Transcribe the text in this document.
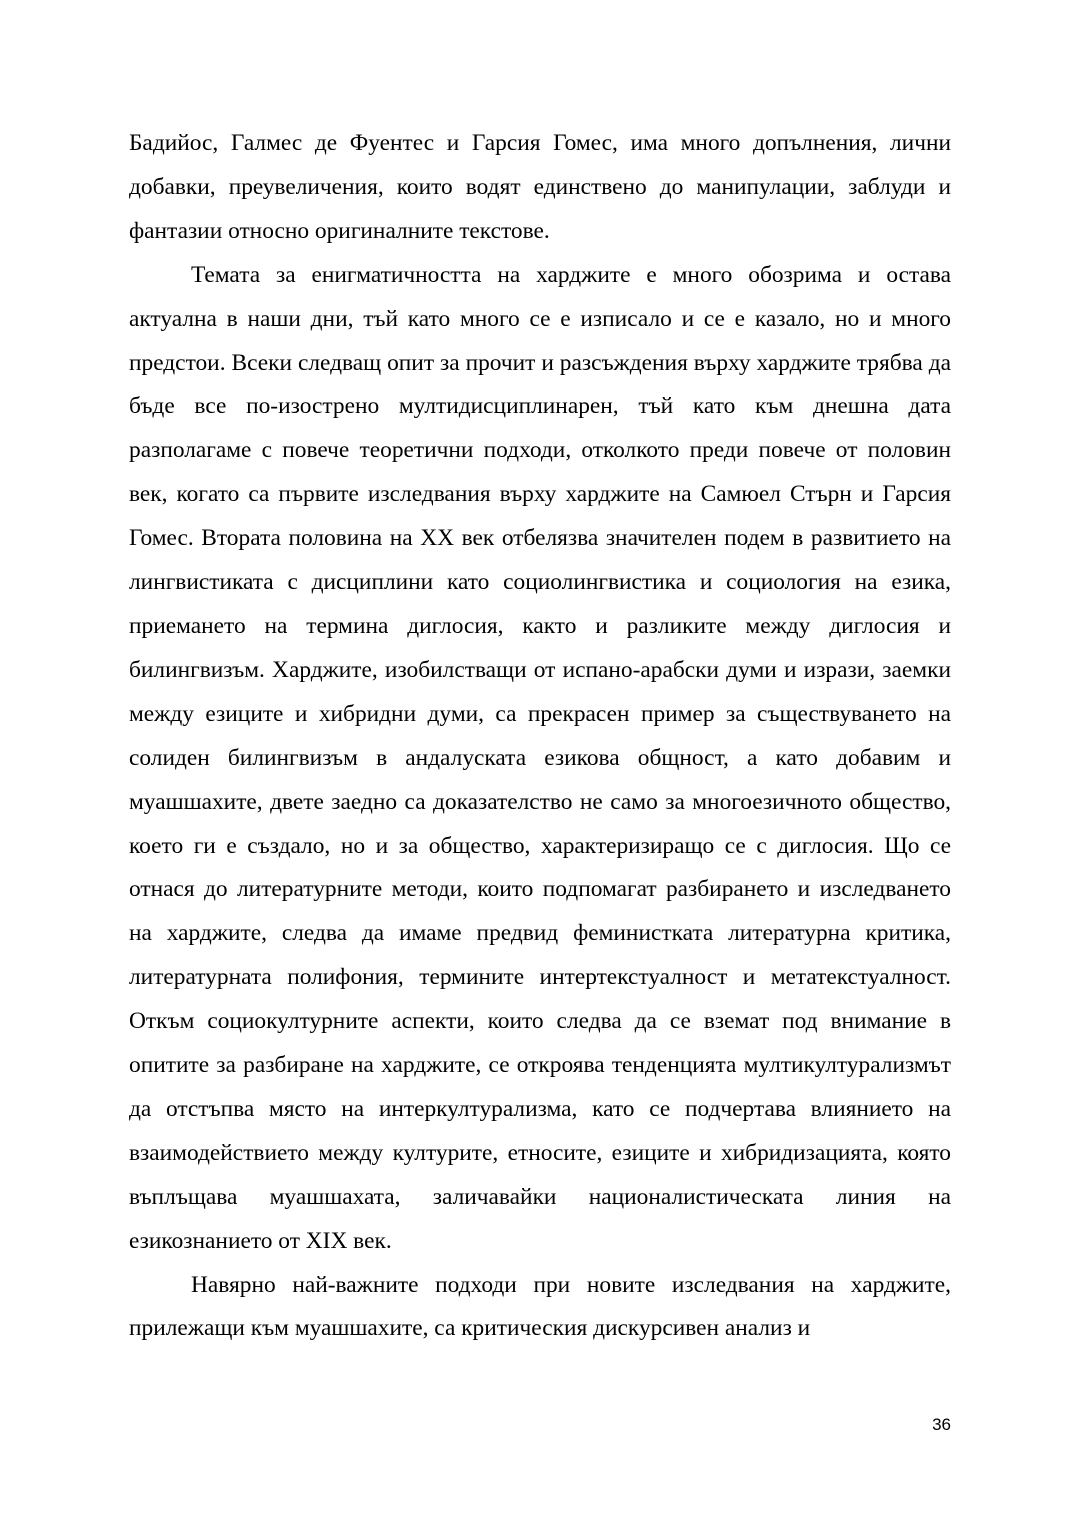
Бадийос, Галмес де Фуентес и Гарсия Гомес, има много допълнения, лични добавки, преувеличения, които водят единствено до манипулации, заблуди и фантазии относно оригиналните текстове.

Темата за енигматичността на харджите е много обозрима и остава актуална в наши дни, тъй като много се е изписало и се е казало, но и много предстои. Всеки следващ опит за прочит и разсъждения върху харджите трябва да бъде все по-изострено мултидисциплинарен, тъй като към днешна дата разполагаме с повече теоретични подходи, отколкото преди повече от половин век, когато са първите изследвания върху харджите на Самюел Стърн и Гарсия Гомес. Втората половина на XX век отбелязва значителен подем в развитието на лингвистиката с дисциплини като социолингвистика и социология на езика, приемането на термина диглосия, както и разликите между диглосия и билингвизъм. Харджите, изобилстващи от испано-арабски думи и изрази, заемки между езиците и хибридни думи, са прекрасен пример за съществуването на солиден билингвизъм в андалуската езикова общност, а като добавим и муашшахите, двете заедно са доказателство не само за многоезичното общество, което ги е създало, но и за общество, характеризиращо се с диглосия. Що се отнася до литературните методи, които подпомагат разбирането и изследването на харджите, следва да имаме предвид феминистката литературна критика, литературната полифония, термините интертекстуалност и метатекстуалност. Откъм социокултурните аспекти, които следва да се вземат под внимание в опитите за разбиране на харджите, се откроява тенденцията мултикултурализмът да отстъпва място на интеркултурализма, като се подчертава влиянието на взаимодействието между културите, етносите, езиците и хибридизацията, която въплъщава муашшахата, заличавайки националистическата линия на езикознанието от XIX век.

Навярно най-важните подходи при новите изследвания на харджите, прилежащи към муашшахите, са критическия дискурсивен анализ и

36
